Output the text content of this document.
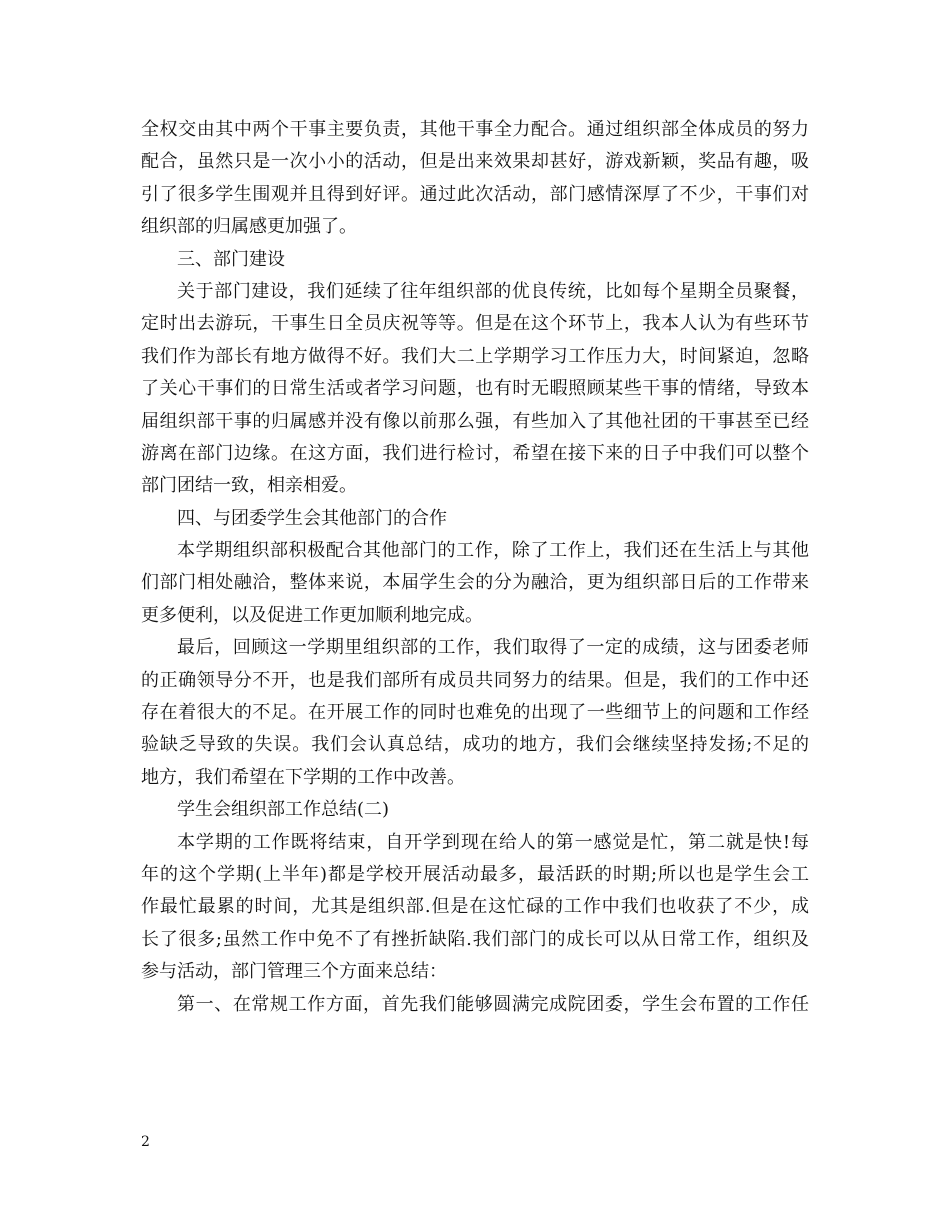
全权交由其中两个干事主要负责，其他干事全力配合。通过组织部全体成员的努力
配合，虽然只是一次小小的活动，但是出来效果却甚好，游戏新颖，奖品有趣，吸
引了很多学生围观并且得到好评。通过此次活动，部门感情深厚了不少，干事们对
组织部的归属感更加强了。
三、部门建设
关于部门建设，我们延续了往年组织部的优良传统，比如每个星期全员聚餐，
定时出去游玩，干事生日全员庆祝等等。但是在这个环节上，我本人认为有些环节
我们作为部长有地方做得不好。我们大二上学期学习工作压力大，时间紧迫，忽略
了关心干事们的日常生活或者学习问题，也有时无暇照顾某些干事的情绪，导致本
届组织部干事的归属感并没有像以前那么强，有些加入了其他社团的干事甚至已经
游离在部门边缘。在这方面，我们进行检讨，希望在接下来的日子中我们可以整个
部门团结一致，相亲相爱。
四、与团委学生会其他部门的合作
本学期组织部积极配合其他部门的工作，除了工作上，我们还在生活上与其他
们部门相处融洽，整体来说，本届学生会的分为融洽，更为组织部日后的工作带来
更多便利，以及促进工作更加顺利地完成。
最后，回顾这一学期里组织部的工作，我们取得了一定的成绩，这与团委老师
的正确领导分不开，也是我们部所有成员共同努力的结果。但是，我们的工作中还
存在着很大的不足。在开展工作的同时也难免的出现了一些细节上的问题和工作经
验缺乏导致的失误。我们会认真总结，成功的地方，我们会继续坚持发扬;不足的
地方，我们希望在下学期的工作中改善。
学生会组织部工作总结(二)
本学期的工作既将结束，自开学到现在给人的第一感觉是忙，第二就是快!每
年的这个学期(上半年)都是学校开展活动最多，最活跃的时期;所以也是学生会工
作最忙最累的时间，尤其是组织部.但是在这忙碌的工作中我们也收获了不少，成
长了很多;虽然工作中免不了有挫折缺陷.我们部门的成长可以从日常工作，组织及
参与活动，部门管理三个方面来总结：
第一、在常规工作方面，首先我们能够圆满完成院团委，学生会布置的工作任
2
